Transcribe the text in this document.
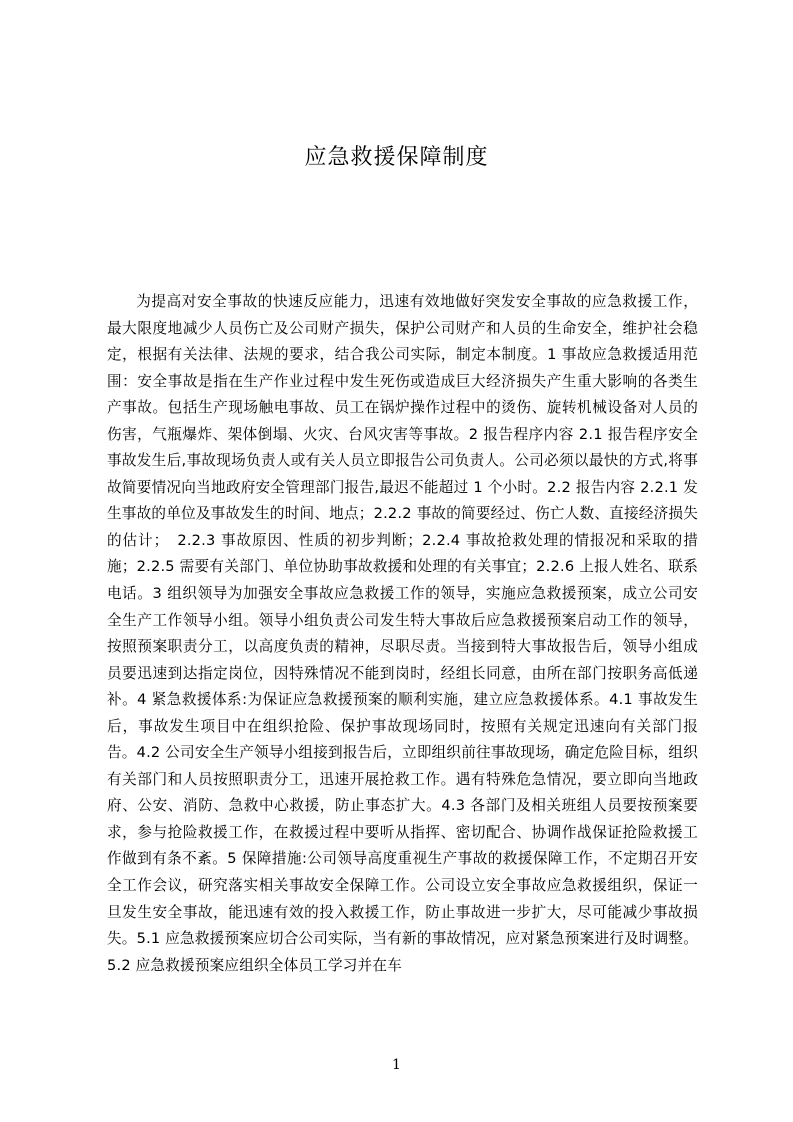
应急救援保障制度

为提高对安全事故的快速反应能力，迅速有效地做好突发安全事故的应急救援工作，最大限度地减少人员伤亡及公司财产损失，保护公司财产和人员的生命安全，维护社会稳定，根据有关法律、法规的要求，结合我公司实际，制定本制度。1 事故应急救援适用范围：安全事故是指在生产作业过程中发生死伤或造成巨大经济损失产生重大影响的各类生产事故。包括生产现场触电事故、员工在锅炉操作过程中的烫伤、旋转机械设备对人员的伤害，气瓶爆炸、架体倒塌、火灾、台风灾害等事故。2 报告程序内容 2.1 报告程序安全事故发生后,事故现场负责人或有关人员立即报告公司负责人。公司必须以最快的方式,将事故简要情况向当地政府安全管理部门报告,最迟不能超过 1 个小时。2.2 报告内容 2.2.1 发生事故的单位及事故发生的时间、地点；2.2.2 事故的简要经过、伤亡人数、直接经济损失的估计；　2.2.3 事故原因、性质的初步判断；2.2.4 事故抢救处理的情报况和采取的措施；2.2.5 需要有关部门、单位协助事故救援和处理的有关事宜；2.2.6 上报人姓名、联系电话。3 组织领导为加强安全事故应急救援工作的领导，实施应急救援预案，成立公司安全生产工作领导小组。领导小组负责公司发生特大事故后应急救援预案启动工作的领导，按照预案职责分工，以高度负责的精神，尽职尽责。当接到特大事故报告后，领导小组成员要迅速到达指定岗位，因特殊情况不能到岗时，经组长同意，由所在部门按职务高低递补。4 紧急救援体系:为保证应急救援预案的顺利实施，建立应急救援体系。4.1 事故发生后，事故发生项目中在组织抢险、保护事故现场同时，按照有关规定迅速向有关部门报告。4.2 公司安全生产领导小组接到报告后，立即组织前往事故现场，确定危险目标，组织有关部门和人员按照职责分工，迅速开展抢救工作。遇有特殊危急情况，要立即向当地政府、公安、消防、急救中心救援，防止事态扩大。4.3 各部门及相关班组人员要按预案要求，参与抢险救援工作，在救援过程中要听从指挥、密切配合、协调作战保证抢险救援工作做到有条不紊。5 保障措施:公司领导高度重视生产事故的救援保障工作，不定期召开安全工作会议，研究落实相关事故安全保障工作。公司设立安全事故应急救援组织，保证一旦发生安全事故，能迅速有效的投入救援工作，防止事故进一步扩大，尽可能减少事故损失。5.1 应急救援预案应切合公司实际，当有新的事故情况，应对紧急预案进行及时调整。5.2 应急救援预案应组织全体员工学习并在车

1
